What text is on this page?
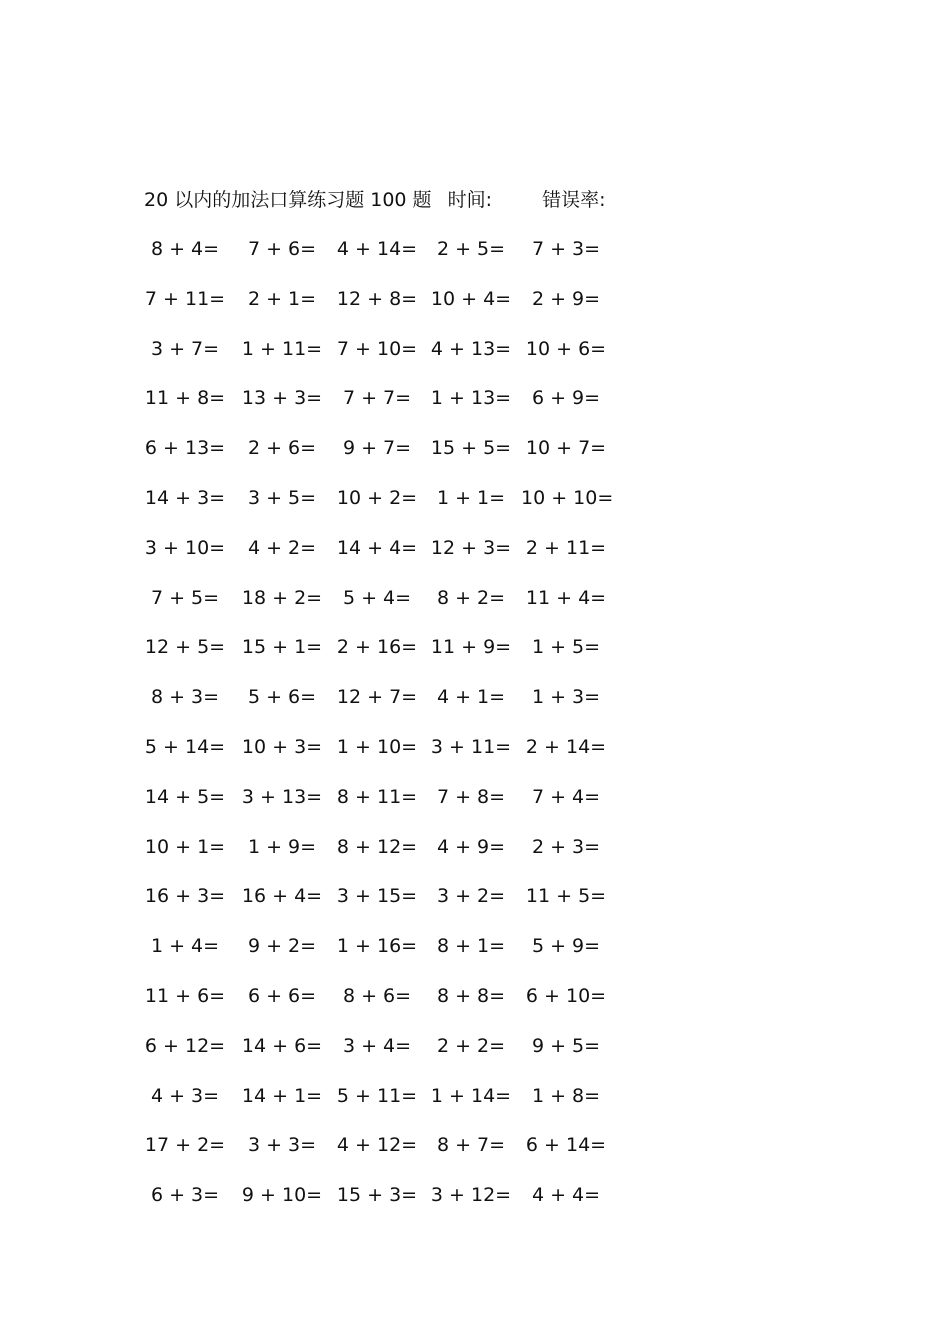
20 以内的加法口算练习题 100 题 时间:	错误率:
8 + 4=	7 + 6=	4 + 14=	2 + 5=	7 + 3=
7 + 11=	2 + 1=	12 + 8= 10 + 4=	2 + 9=
3 + 7=	1 + 11= 7 + 10= 4 + 13= 10 + 6=
11 + 8= 13 + 3=	7 + 7=	1 + 13=	6 + 9=
6 + 13=	2 + 6=	9 + 7=	15 + 5= 10 + 7=
14 + 3=	3 + 5=	10 + 2=	1 + 1= 10 + 10=
3 + 10=	4 + 2=	14 + 4= 12 + 3= 2 + 11=
7 + 5=	18 + 2=	5 + 4=	8 + 2=	11 + 4=
12 + 5= 15 + 1= 2 + 16= 11 + 9=	1 + 5=
8 + 3=	5 + 6=	12 + 7=	4 + 1=	1 + 3=
5 + 14= 10 + 3= 1 + 10= 3 + 11= 2 + 14=
14 + 5= 3 + 13= 8 + 11=	7 + 8=	7 + 4=
10 + 1=	1 + 9=	8 + 12=	4 + 9=	2 + 3=
16 + 3= 16 + 4= 3 + 15=	3 + 2=	11 + 5=
1 + 4=	9 + 2=	1 + 16=	8 + 1=	5 + 9=
11 + 6=	6 + 6=	8 + 6=	8 + 8=	6 + 10=
6 + 12= 14 + 6=	3 + 4=	2 + 2=	9 + 5=
4 + 3=	14 + 1= 5 + 11= 1 + 14=	1 + 8=
17 + 2=	3 + 3=	4 + 12=	8 + 7=	6 + 14=
6 + 3=	9 + 10= 15 + 3= 3 + 12=	4 + 4=
